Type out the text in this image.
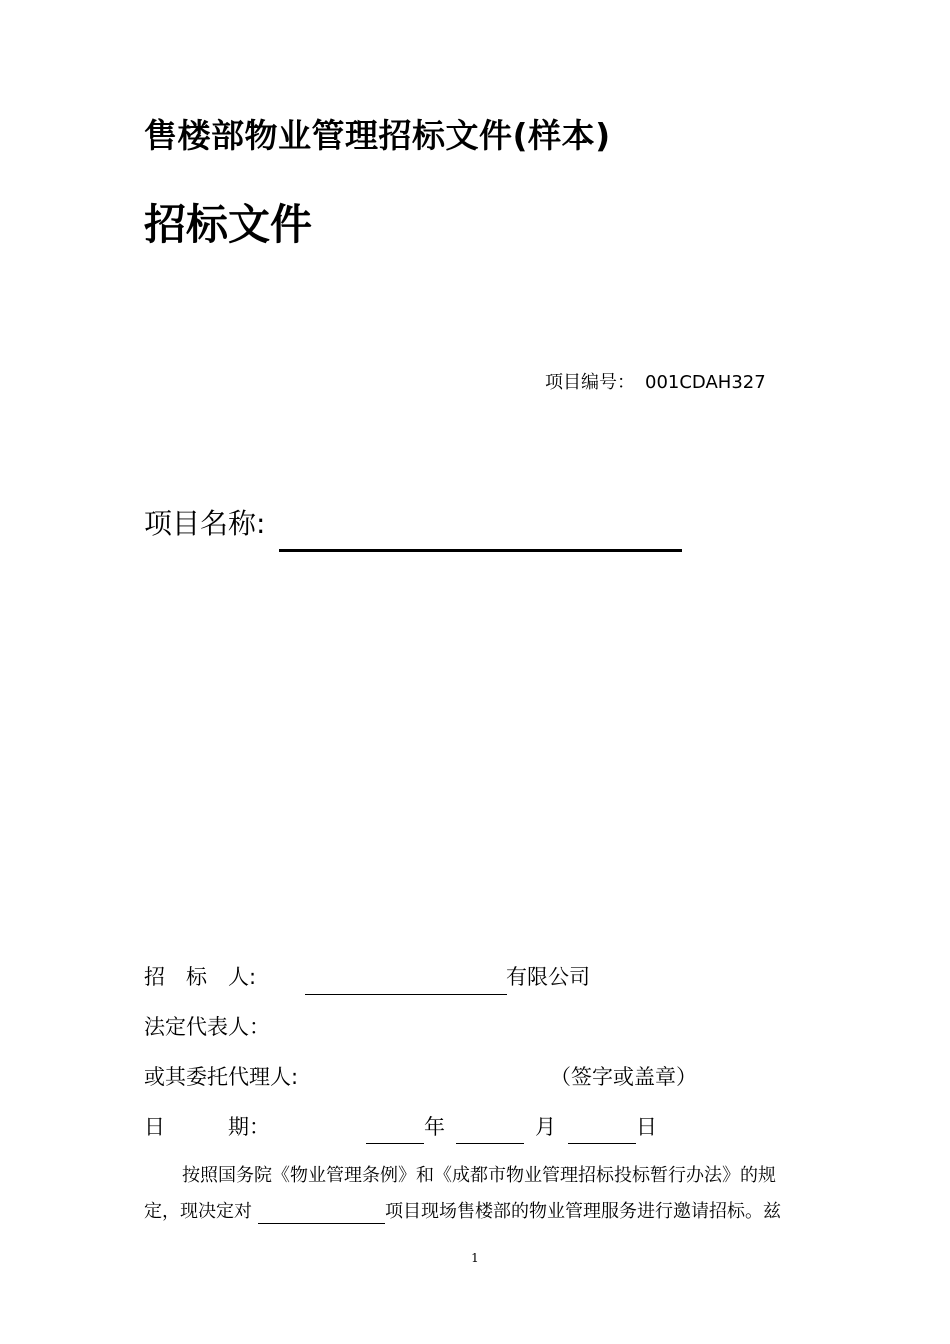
售楼部物业管理招标文件(样本)
招标文件
项目编号： 001CDAH327
项目名称:
招　标　人:	有限公司
法定代表人：
或其委托代理人:	（签字或盖章）
日　　　期：	年	月	日
按照国务院《物业管理条例》和《成都市物业管理招标投标暂行办法》的规
定，现决定对	项目现场售楼部的物业管理服务进行邀请招标。兹
1
